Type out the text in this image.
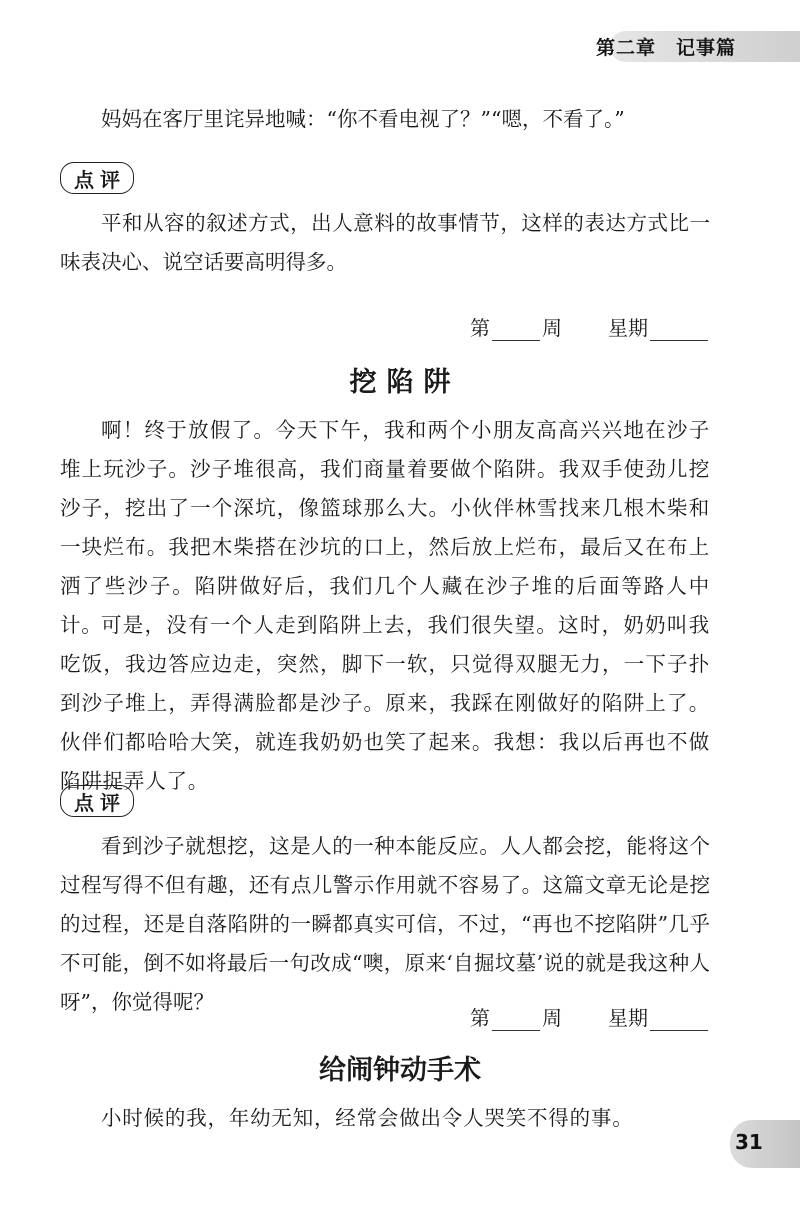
第二章　记事篇

妈妈在客厅里诧异地喊：“你不看电视了？”“嗯，不看了。”

点评

平和从容的叙述方式，出人意料的故事情节，这样的表达方式比一味表决心、说空话要高明得多。

第	周 星期
挖陷阱

啊！终于放假了。今天下午，我和两个小朋友高高兴兴地在沙子堆上玩沙子。沙子堆很高，我们商量着要做个陷阱。我双手使劲儿挖沙子，挖出了一个深坑，像篮球那么大。小伙伴林雪找来几根木柴和一块烂布。我把木柴搭在沙坑的口上，然后放上烂布，最后又在布上洒了些沙子。陷阱做好后，我们几个人藏在沙子堆的后面等路人中计。

可是，没有一个人走到陷阱上去，我们很失望。这时，奶奶叫我吃饭，我边答应边走，突然，脚下一软，只觉得双腿无力，一下子扑到沙子堆上，弄得满脸都是沙子。原来，我踩在刚做好的陷阱上了。伙伴们都哈哈大笑，就连我奶奶也笑了起来。我想：我以后再也不做陷阱捉弄人了。

点评

看到沙子就想挖，这是人的一种本能反应。人人都会挖，能将这个过程写得不但有趣，还有点儿警示作用就不容易了。这篇文章无论是挖的过程，还是自落陷阱的一瞬都真实可信，不过，“再也不挖陷阱”几乎不可能，倒不如将最后一句改成“噢，原来‘自掘坟墓’说的就是我这种人呀”，你觉得呢？

第	周 星期
给闹钟动手术

小时候的我，年幼无知，经常会做出令人哭笑不得的事。

31
